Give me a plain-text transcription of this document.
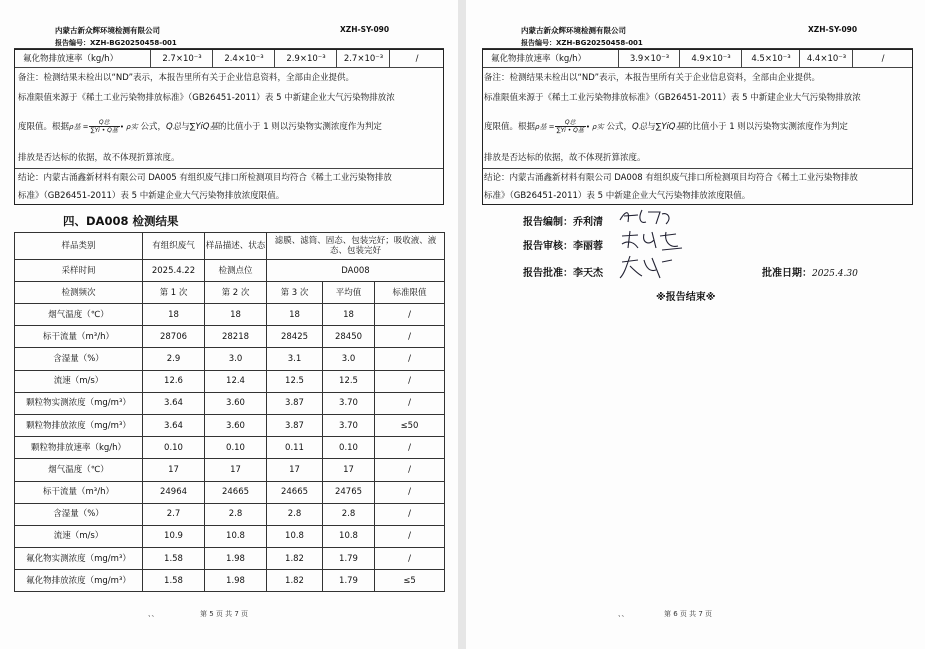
内蒙古新众辉环境检测有限公司	XZH-SY-090
报告编号：XZH-BG20250458-001
氟化物排放速率（kg/h）	2.7×10⁻³	2.4×10⁻³	2.9×10⁻³	2.7×10⁻³	/
备注：检测结果未检出以“ND”表示，本报告里所有关于企业信息资料，全部由企业提供。
标准限值来源于《稀土工业污染物排放标准》（GB26451-2011）表 5 中新建企业大气污染物排放浓
度限值。根据ρ基 = $\frac{\text{Q总}}{\text{∑Yi • Q基}}$ • ρ实 公式，Q总与∑YiQ基的比值小于 1 则以污染物实测浓度作为判定
排放是否达标的依据，故不体现折算浓度。
结论：内蒙古涌鑫新材料有限公司 DA005 有组织废气排口所检测项目均符合《稀土工业污染物排放
标准》（GB26451-2011）表 5 中新建企业大气污染物排放浓度限值。
四、DA008 检测结果
样品类别	有组织废气	样品描述、状态	滤膜、滤筒、固态、包装完好；吸收液、液态、包装完好		
采样时间	2025.4.22	检测点位	DA008		
检测频次	第 1 次	第 2 次	第 3 次	平均值	标准限值
烟气温度（℃）	18	18	18	18	/
标干流量（m³/h）	28706	28218	28425	28450	/
含湿量（%）	2.9	3.0	3.1	3.0	/
流速（m/s）	12.6	12.4	12.5	12.5	/
颗粒物实测浓度（mg/m³）	3.64	3.60	3.87	3.70	/
颗粒物排放浓度（mg/m³）	3.64	3.60	3.87	3.70	≤50
颗粒物排放速率（kg/h）	0.10	0.10	0.11	0.10	/
烟气温度（℃）	17	17	17	17	/
标干流量（m³/h）	24964	24665	24665	24765	/
含湿量（%）	2.7	2.8	2.8	2.8	/
流速（m/s）	10.9	10.8	10.8	10.8	/
氟化物实测浓度（mg/m³）	1.58	1.98	1.82	1.79	/
氟化物排放浓度（mg/m³）	1.58	1.98	1.82	1.79	≤5
、、	第 5 页 共 7 页
内蒙古新众辉环境检测有限公司	XZH-SY-090
报告编号：XZH-BG20250458-001
氟化物排放速率（kg/h）	3.9×10⁻³	4.9×10⁻³	4.5×10⁻³	4.4×10⁻³	/
备注：检测结果未检出以“ND”表示，本报告里所有关于企业信息资料，全部由企业提供。
标准限值来源于《稀土工业污染物排放标准》（GB26451-2011）表 5 中新建企业大气污染物排放浓
度限值。根据ρ基 = $\frac{\text{Q总}}{\text{∑Yi • Q基}}$ • ρ实 公式，Q总与∑YiQ基的比值小于 1 则以污染物实测浓度作为判定
排放是否达标的依据，故不体现折算浓度。
结论：内蒙古涌鑫新材料有限公司 DA008 有组织废气排口所检测项目均符合《稀土工业污染物排放
标准》（GB26451-2011）表 5 中新建企业大气污染物排放浓度限值。
报告编制：乔利清
报告审核：李丽蓉
报告批准：李天杰	批准日期：2025.4.30
※报告结束※
、、	第 6 页 共 7 页
